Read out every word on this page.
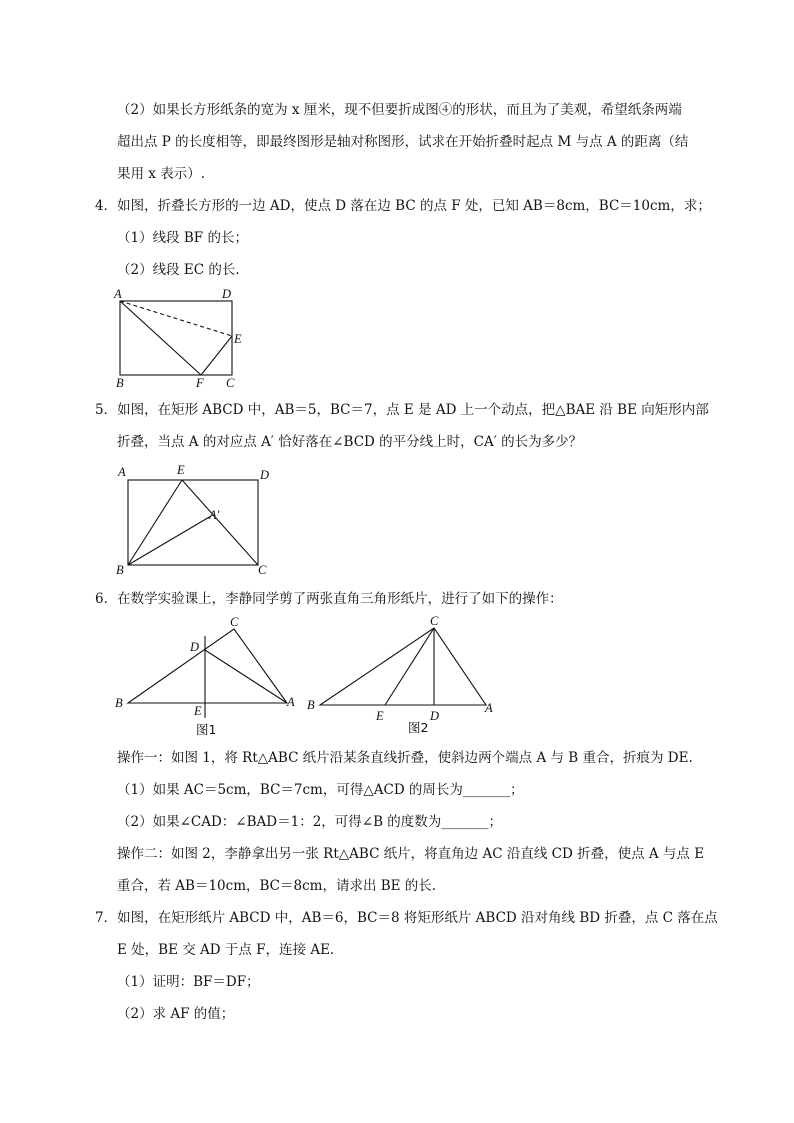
（2）如果长方形纸条的宽为 x 厘米，现不但要折成图④的形状，而且为了美观，希望纸条两端
超出点 P 的长度相等，即最终图形是轴对称图形，试求在开始折叠时起点 M 与点 A 的距离（结
果用 x 表示）.
4．如图，折叠长方形的一边 AD，使点 D 落在边 BC 的点 F 处，已知 AB＝8cm，BC＝10cm，求；
（1）线段 BF 的长；
（2）线段 EC 的长.
A	D
E
B	F C
5．如图，在矩形 ABCD 中，AB＝5，BC＝7，点 E 是 AD 上一个动点，把△BAE 沿 BE 向矩形内部
折叠，当点 A 的对应点 A′ 恰好落在∠BCD 的平分线上时，CA′ 的长为多少？
A	E	D
A′
B	C
6．在数学实验课上，李静同学剪了两张直角三角形纸片，进行了如下的操作：
C
D
B
E
A
图1
C
B
E	D
A
图2
操作一：如图 1，将 Rt△ABC 纸片沿某条直线折叠，使斜边两个端点 A 与 B 重合，折痕为 DE.
（1）如果 AC＝5cm，BC＝7cm，可得△ACD 的周长为_______；
（2）如果∠CAD：∠BAD＝1：2，可得∠B 的度数为_______；
操作二：如图 2，李静拿出另一张 Rt△ABC 纸片，将直角边 AC 沿直线 CD 折叠，使点 A 与点 E
重合，若 AB＝10cm，BC＝8cm，请求出 BE 的长.
7．如图，在矩形纸片 ABCD 中，AB＝6，BC＝8 将矩形纸片 ABCD 沿对角线 BD 折叠，点 C 落在点
E 处，BE 交 AD 于点 F，连接 AE.
（1）证明：BF＝DF；
（2）求 AF 的值；
